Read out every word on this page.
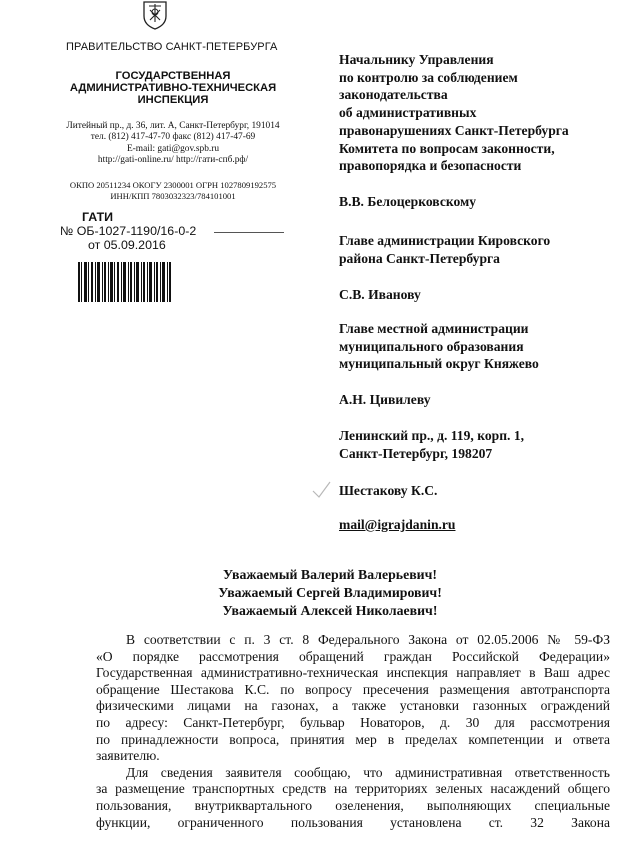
ПРАВИТЕЛЬСТВО САНКТ-ПЕТЕРБУРГА
ГОСУДАРСТВЕННАЯ
АДМИНИСТРАТИВНО-ТЕХНИЧЕСКАЯ
ИНСПЕКЦИЯ
Литейный пр., д. 36, лит. А, Санкт-Петербург, 191014
тел. (812) 417-47-70 факс (812) 417-47-69
E-mail: gati@gov.spb.ru
http://gati-online.ru/ http://гати-спб.рф/
ОКПО 20511234 ОКОГУ 2300001 ОГРН 1027809192575
ИНН/КПП 7803032323/784101001
ГАТИ
№ ОБ-1027-1190/16-0-2
от 05.09.2016
Начальнику Управления
по контролю за соблюдением
законодательства
об административных
правонарушениях Санкт-Петербурга
Комитета по вопросам законности,
правопорядка и безопасности
В.В. Белоцерковскому
Главе администрации Кировского
района Санкт-Петербурга
С.В. Иванову
Главе местной администрации
муниципального образования
муниципальный округ Княжево
А.Н. Цивилеву
Ленинский пр., д. 119, корп. 1,
Санкт-Петербург, 198207
Шестакову К.С.
mail@igrajdanin.ru
Уважаемый Валерий Валерьевич!
Уважаемый Сергей Владимирович!
Уважаемый Алексей Николаевич!
В соответствии с п. 3 ст. 8 Федерального Закона от 02.05.2006 № 59-ФЗ
«О порядке рассмотрения обращений граждан Российской Федерации»
Государственная административно-техническая инспекция направляет в Ваш адрес
обращение Шестакова К.С. по вопросу пресечения размещения автотранспорта
физическими лицами на газонах, а также установки газонных ограждений
по адресу: Санкт-Петербург, бульвар Новаторов, д. 30 для рассмотрения
по принадлежности вопроса, принятия мер в пределах компетенции и ответа
заявителю.
Для сведения заявителя сообщаю, что административная ответственность
за размещение транспортных средств на территориях зеленых насаждений общего
пользования, внутриквартального озеленения, выполняющих специальные
функции, ограниченного пользования установлена ст. 32 Закона
